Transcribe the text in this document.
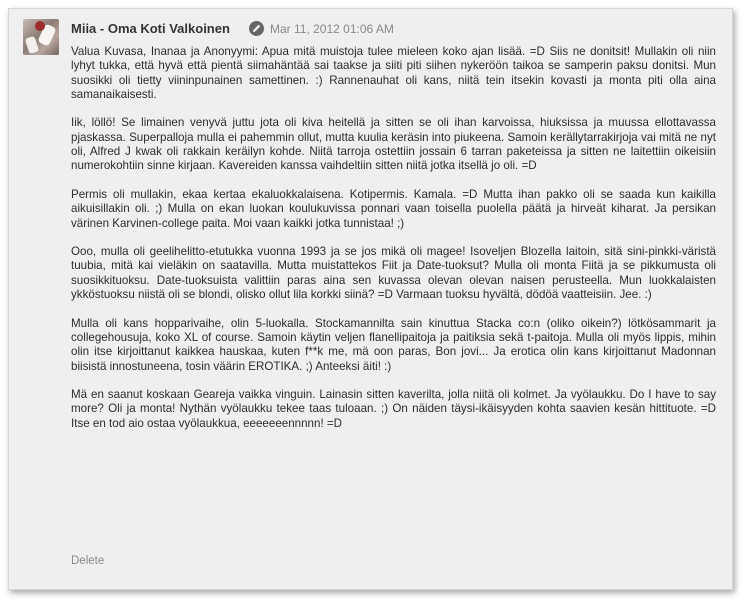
Miia - Oma Koti Valkoinen	Mar 11, 2012 01:06 AM

Valua Kuvasa, Inanaa ja Anonyymi: Apua mitä muistoja tulee mieleen koko ajan lisää. =D Siis ne donitsit! Mullakin oli niin lyhyt tukka, että hyvä että pientä siimahäntää sai taakse ja siiti piti siihen nykeröön taikoa se samperin paksu donitsi. Mun suosikki oli tietty viininpunainen samettinen. :) Rannenauhat oli kans, niitä tein itsekin kovasti ja monta piti olla aina samanaikaisesti.

Iik, löllö! Se limainen venyvä juttu jota oli kiva heitellä ja sitten se oli ihan karvoissa, hiuksissa ja muussa ellottavassa pjaskassa. Superpalloja mulla ei pahemmin ollut, mutta kuulia keräsin into piukeena. Samoin kerällytarrakirjoja vai mitä ne nyt oli, Alfred J kwak oli rakkain keräilyn kohde. Niitä tarroja ostettiin jossain 6 tarran paketeissa ja sitten ne laitettiin oikeisiin numerokohtiin sinne kirjaan. Kavereiden kanssa vaihdeltiin sitten niitä jotka itsellä jo oli. =D

Permis oli mullakin, ekaa kertaa ekaluokkalaisena. Kotipermis. Kamala. =D Mutta ihan pakko oli se saada kun kaikilla aikuisillakin oli. ;) Mulla on ekan luokan koulukuvissa ponnari vaan toisella puolella päätä ja hirveät kiharat. Ja persikan värinen Karvinen-college paita. Moi vaan kaikki jotka tunnistaa! ;)

Ooo, mulla oli geelihelitto-etutukka vuonna 1993 ja se jos mikä oli magee! Isoveljen Blozella laitoin, sitä sini-pinkki-väristä tuubia, mitä kai vieläkin on saatavilla. Mutta muistattekos Fiit ja Date-tuoksut? Mulla oli monta Fiitä ja se pikkumusta oli suosikkituoksu. Date-tuoksuista valittiin paras aina sen kuvassa olevan olevan naisen perusteella. Mun luokkalaisten ykköstuoksu niistä oli se blondi, olisko ollut lila korkki siinä? =D Varmaan tuoksu hyvältä, dödöä vaatteisiin. Jee. :)

Mulla oli kans hopparivaihe, olin 5-luokalla. Stockamannilta sain kinuttua Stacka co:n (oliko oikein?) lötkösammarit ja collegehousuja, koko XL of course. Samoin käytin veljen flanellipaitoja ja paitiksia sekä t-paitoja. Mulla oli myös lippis, mihin olin itse kirjoittanut kaikkea hauskaa, kuten f**k me, mä oon paras, Bon jovi... Ja erotica olin kans kirjoittanut Madonnan biisistä innostuneena, tosin väärin EROTIKA. ;) Anteeksi äiti! :)

Mä en saanut koskaan Geareja vaikka vinguin. Lainasin sitten kaverilta, jolla niitä oli kolmet. Ja vyölaukku. Do I have to say more? Oli ja monta! Nythän vyölaukku tekee taas tuloaan. ;) On näiden täysi-ikäisyyden kohta saavien kesän hittituote. =D Itse en tod aio ostaa vyölaukkua, eeeeeeennnnn! =D

Delete
